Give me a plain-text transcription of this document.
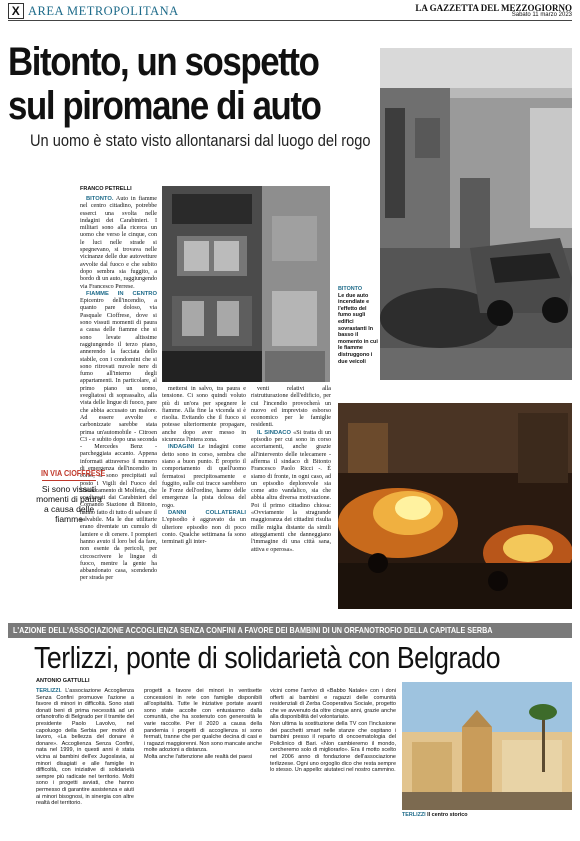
X AREA METROPOLITANA	LA GAZZETTA DEL MEZZOGIORNO
Sabato 11 marzo 2023
Bitonto, un sospetto
sul piromane di auto
Un uomo è stato visto allontanarsi dal luogo del rogo
BITONTO
Le due auto incendiate e l'effetto del fumo sugli edifici sovrastanti In basso il momento in cui le fiamme distruggono i due veicoli
FRANCO PETRELLI

BITONTO. Auto in fiamme nel centro cittadino, potrebbe esserci una svolta nelle indagini dei Carabinieri. I militari sono alla ricerca un uomo che verso le cinque, con le luci nelle strade si spegnevano, si trovava nelle vicinanze delle due autovetture avvolte dal fuoco e che subito dopo sembra sia fuggito, a bordo di un auto, raggiungendo via Francesco Perrese.

FIAMME IN CENTRO Epicentro dell'incendio, a quanto pare doloso, via Pasquale Cioffrese, dove si sono vissuti momenti di paura a causa delle fiamme che si sono levate altissime raggiungendo il terzo piano, annerendo la facciata dello stabile, con i condomini che si sono ritrovati nuvole nere di fumo all'interno degli appartamenti. In particolare, al primo piano un uomo, svegliatosi di soprassalto, alla vista delle lingue di fuoco, pare che abbia accusato un malore. Ad essere avvolte e carbonizzate sarebbe stata prima un'automobile - Citroen C3 - e subito dopo una seconda - Mercedes Benz - parcheggiata accanto. Appena informati attraverso il numero di emergenza dell'incendio in corso, si sono precipitati sul posto i Vigili del Fuoco del Distaccamento di Molfetta, che coadiuvati dai Carabinieri del Comando Stazione di Bitonto, hanno fatto di tutto di salvare il salvabile. Ma le due utilitarie erano diventate un cumulo di lamiere e di cenere. I pompieri hanno avuto il loro bel da fare, non esente da pericoli, per circoscrivere le lingue di fuoco, mentre la gente ha abbandonato casa, scendendo per strada per

IN VIA CIOFFRESE
Si sono vissuti momenti di paura a causa delle fiamme

mettersi in salvo, tra paura e tensione. Ci sono quindi voluto più di un'ora per spegnere le fiamme. Alla fine la vicenda si è risolta. Evitando che il fuoco si potesse ulteriormente propagare, anche dopo aver messo in sicurezza l'intera zona.

INDAGINI Le indagini come detto sono in corso, sembra che siano a buon punto. È proprio il comportamento di quell'uomo fermatosi precipitosamente e fuggito, sulle cui tracce sarebbero le Forze dell'ordine, hanno delle emergenze la pista dolosa del rogo.

DANNI COLLATERALI L'episodio è aggravato da un ulteriore episodio non di poco conto. Qualche settimana fa sono terminati gli inter-

venti relativi alla ristrutturazione dell'edificio, per cui l'incendio provocherà un nuovo ed imprevisto esborso economico per le famiglie residenti.

IL SINDACO «Si tratta di un episodio per cui sono in corso accertamenti, anche grazie all'intervento delle telecamere - afferma il sindaco di Bitonto Francesco Paolo Ricci -. È siamo di fronte, in ogni caso, ad un episodio deplorevole sia come atto vandalico, sia che abbia altra diversa motivazione. Poi il primo cittadino chiosa: «Ovviamente la stragrande maggioranza dei cittadini risulta mille miglia distante da simili atteggiamenti che danneggiano l'immagine di una città sana, attiva e operosa».

L'AZIONE DELL'ASSOCIAZIONE ACCOGLIENZA SENZA CONFINI A FAVORE DEI BAMBINI DI UN ORFANOTROFIO DELLA CAPITALE SERBA
Terlizzi, ponte di solidarietà con Belgrado
ANTONIO GATTULLI

TERLIZZI. L'associazione Accoglienza Senza Confini promuove l'azione a favore di minori in difficoltà. Sono stati donati beni di prima necessità ad un orfanotrofio di Belgrado per il tramite del presidente Paolo Lavolvo, nel capoluogo della Serbia per motivi di lavoro, «La bellezza del donare è donare». Accoglienza Senza Confini, nata nel 1999, in questi anni è stata vicina ai bambini dell'ex Jugoslavia, ai minori disagiati e alle famiglie in difficoltà, con iniziative di solidarietà sempre più radicate nel territorio. Molti sono i progetti avviati, che hanno permesso di garantire assistenza e aiuti ai minori bisognosi, in sinergia con altre realtà del territorio.

progetti a favore dei minori in ventisette concessioni in rete con famiglie disponibili all'ospitalità. Tutte le iniziative portate avanti sono state accolte con entusiasmo dalla comunità, che ha sostenuto con generosità le varie raccolte. Per il 2020 a causa della pandemia i progetti di accoglienza si sono fermati, tranne che per qualche decina di casi e i ragazzi maggiorenni. Non sono mancate anche molte adozioni a distanza.

Molta anche l'attenzione alle realtà dei paesi

vicini come l'arrivo di «Babbo Natale» con i doni offerti ai bambini e ragazzi delle comunità residenziali di Zerba Cooperativa Sociale, progetto che ve avvenuto da oltre cinque anni, grazie anche alla disponibilità del volontariato.

Non ultima la sostituzione della TV con l'inclusione dei pacchetti smart nelle stanze che ospitano i bambini presso il reparto di oncoematologia del Policlinico di Bari. «Non cambieremo il mondo, cercheremo solo di migliorarlo». Era il motto scelto nel 2006 anno di fondazione dell'associazione terlizzese. Ogni uno orgoglio dico che resta sempre lo stesso. Un appello: aiutateci nel nostro cammino.

TERLIZZI Il centro storico
